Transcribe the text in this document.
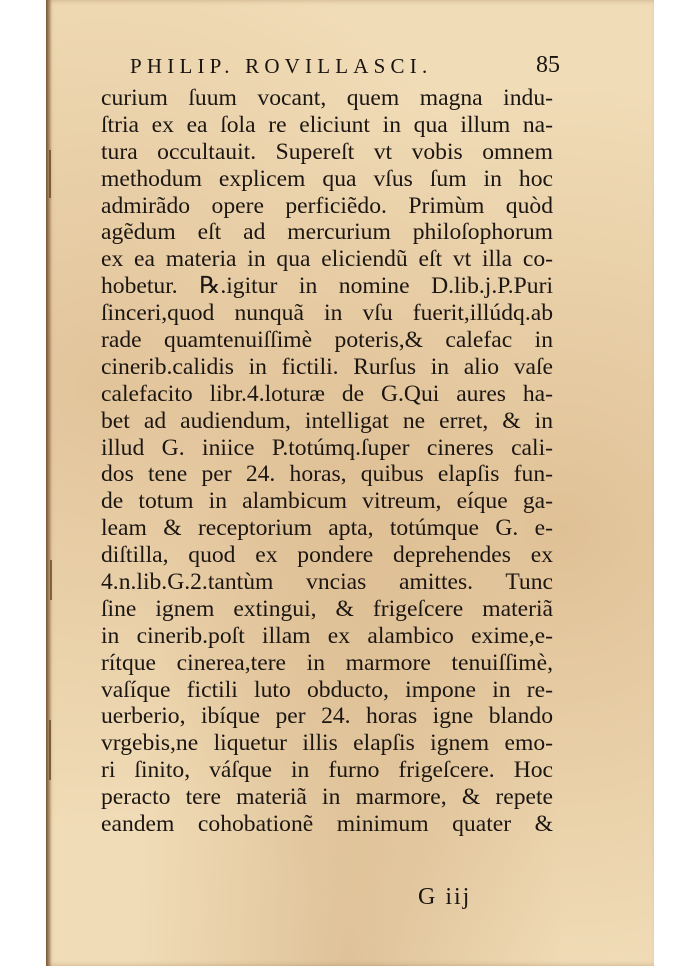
PHILIP. ROVILLASCI.	85
curium ſuum vocant, quem magna indu-
ſtria ex ea ſola re eliciunt in qua illum na-
tura occultauit. Supereſt vt vobis omnem
methodum explicem qua vſus ſum in hoc
admirãdo opere perficiẽdo. Primùm quòd
agẽdum eſt ad mercurium philoſophorum
ex ea materia in qua eliciendũ eſt vt illa co-
hobetur. ℞.igitur in nomine D.lib.j.P.Puri
ſinceri,quod nunquã in vſu fuerit,illúdq.ab
rade quamtenuiſſimè poteris,& calefac in
cinerib.calidis in fictili. Rurſus in alio vaſe
calefacito libr.4.loturæ de G.Qui aures ha-
bet ad audiendum, intelligat ne erret, & in
illud G. iniice P.totúmq.ſuper cineres cali-
dos tene per 24. horas, quibus elapſis fun-
de totum in alambicum vitreum, eíque ga-
leam & receptorium apta, totúmque G. e-
diſtilla, quod ex pondere deprehendes ex
4.n.lib.G.2.tantùm vncias amittes. Tunc
ſine ignem extingui, & frigeſcere materiã
in cinerib.poſt illam ex alambico exime,e-
rítque cinerea,tere in marmore tenuiſſimè,
vaſíque fictili luto obducto, impone in re-
uerberio, ibíque per 24. horas igne blando
vrgebis,ne liquetur illis elapſis ignem emo-
ri ſinito, váſque in furno frigeſcere. Hoc
peracto tere materiã in marmore, & repete
eandem cohobationẽ minimum quater &
G iij
